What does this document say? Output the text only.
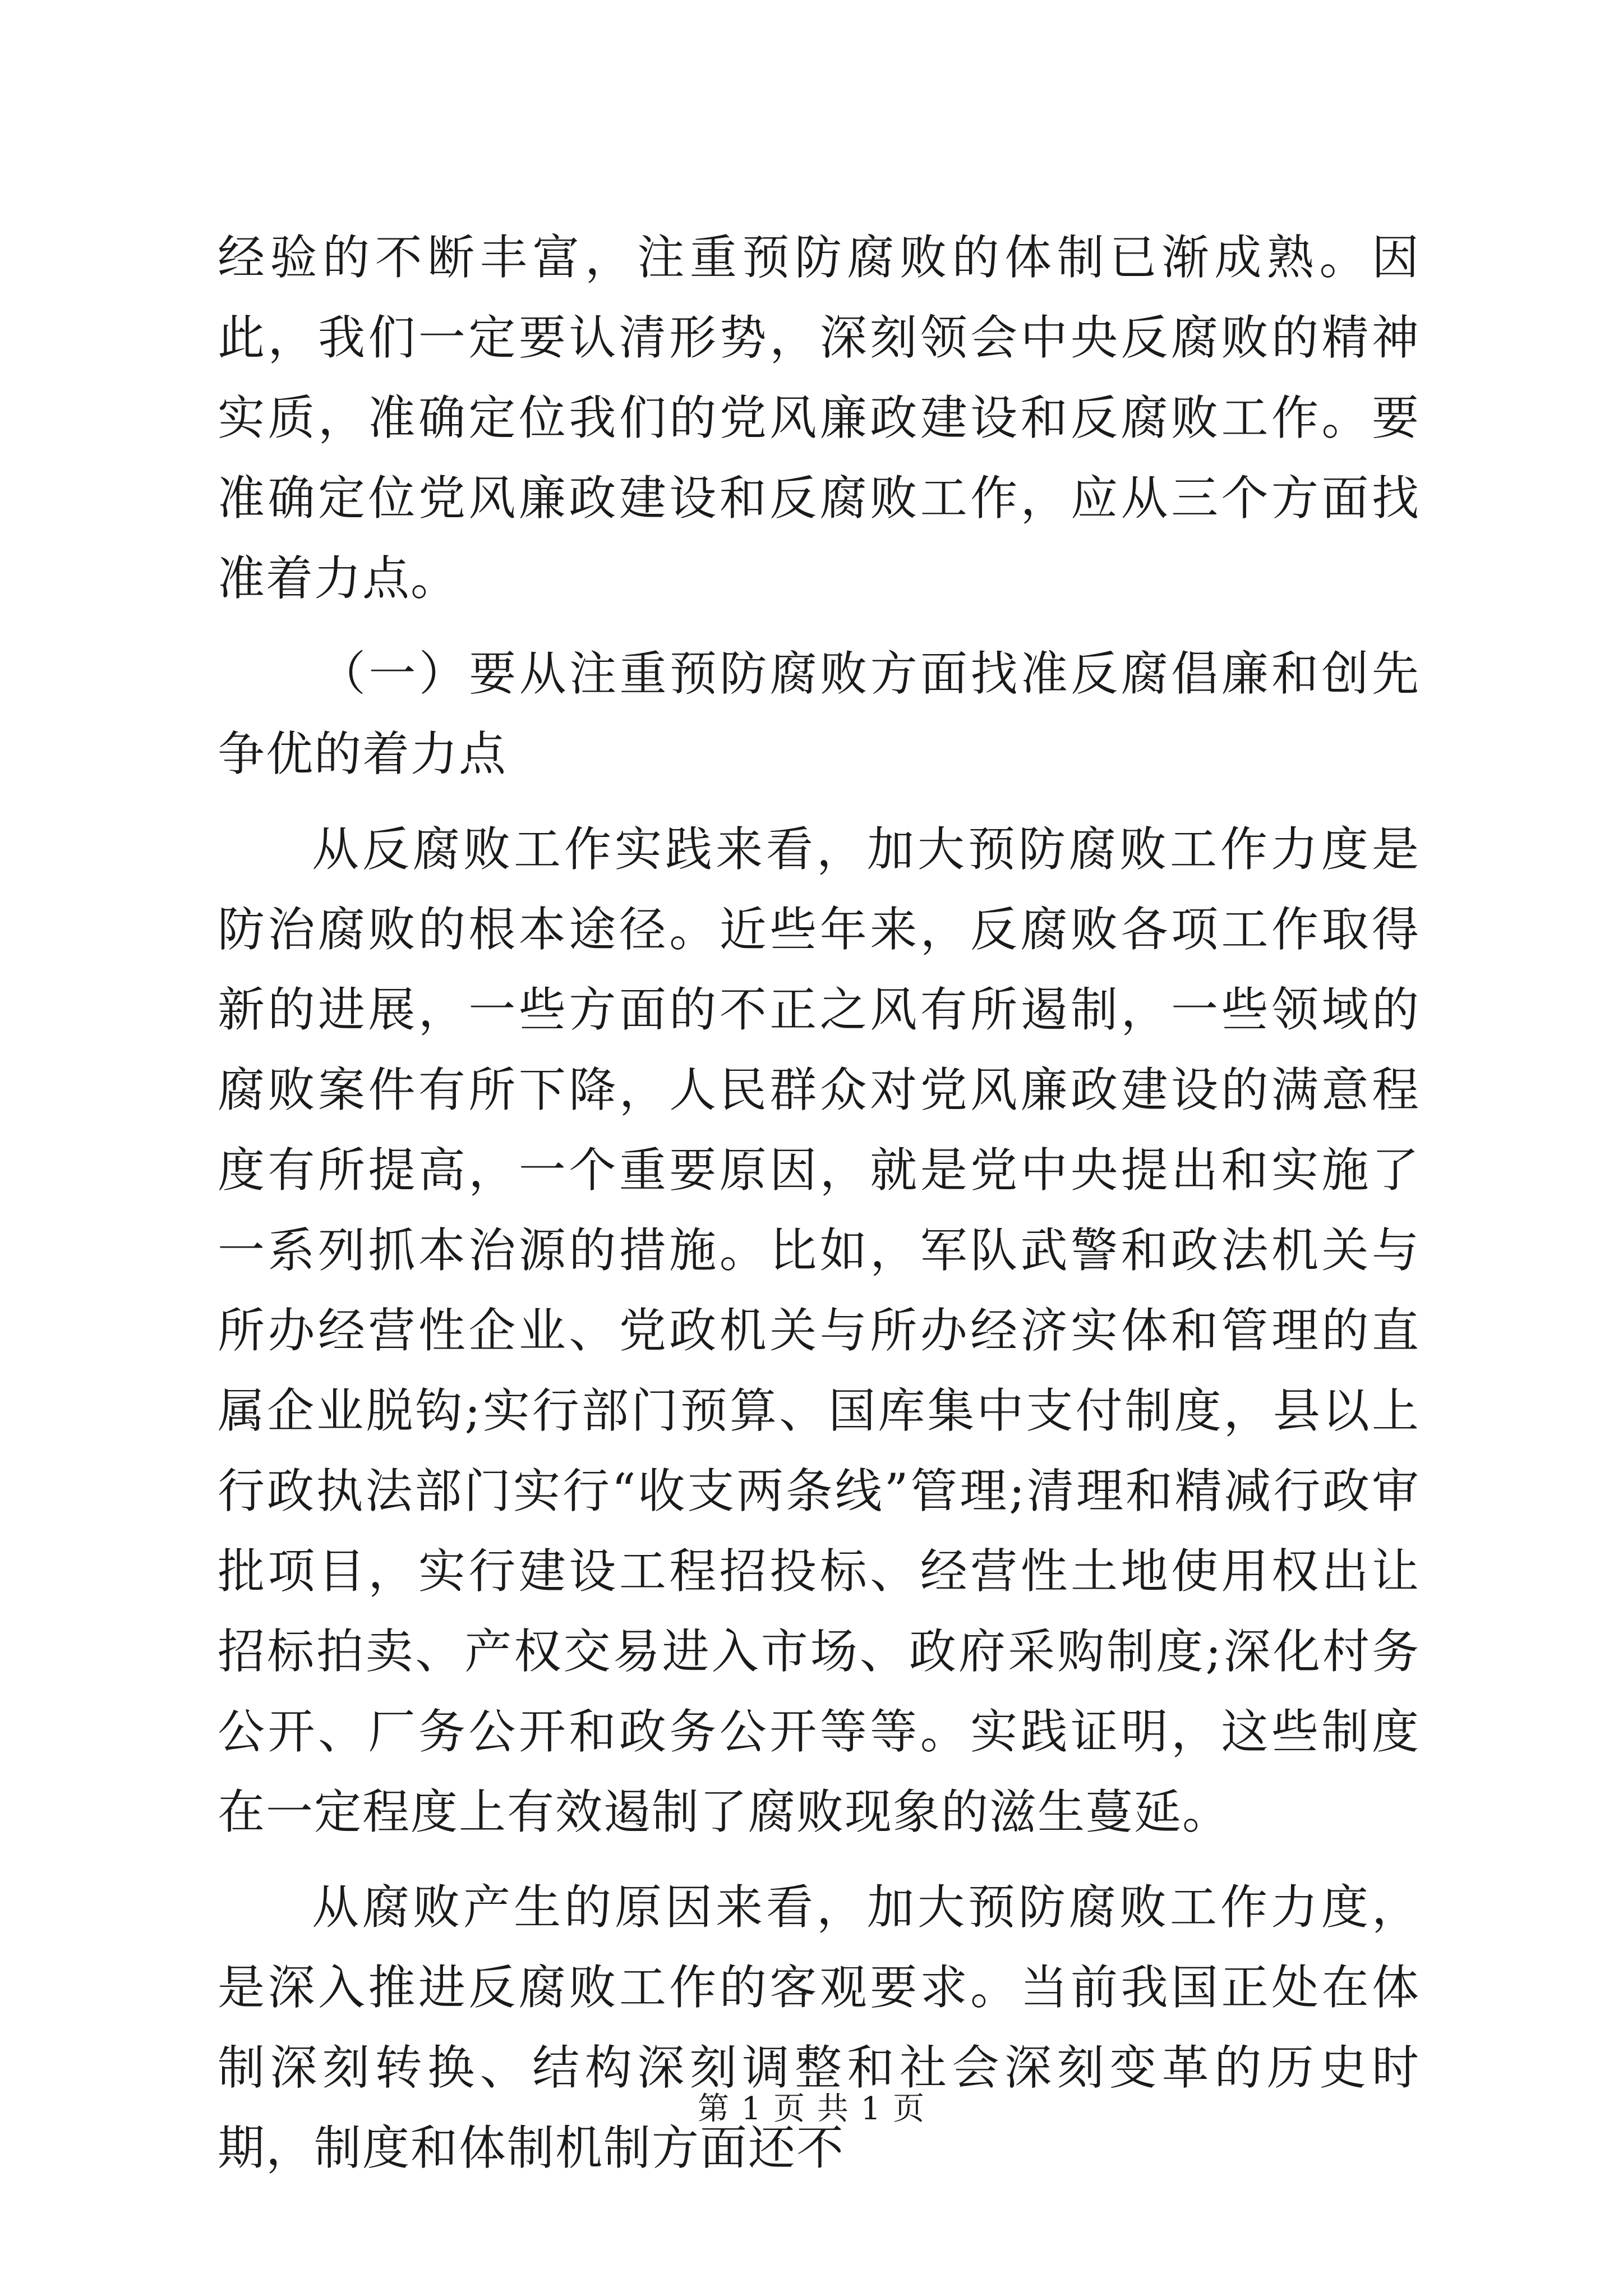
经验的不断丰富，注重预防腐败的体制已渐成熟。因此，我们一定要认清形势，深刻领会中央反腐败的精神实质，准确定位我们的党风廉政建设和反腐败工作。要准确定位党风廉政建设和反腐败工作，应从三个方面找准着力点。

（一）要从注重预防腐败方面找准反腐倡廉和创先争优的着力点

从反腐败工作实践来看，加大预防腐败工作力度是防治腐败的根本途径。近些年来，反腐败各项工作取得新的进展，一些方面的不正之风有所遏制，一些领域的腐败案件有所下降，人民群众对党风廉政建设的满意程度有所提高，一个重要原因，就是党中央提出和实施了一系列抓本治源的措施。比如，军队武警和政法机关与所办经营性企业、党政机关与所办经济实体和管理的直属企业脱钩;实行部门预算、国库集中支付制度，县以上行政执法部门实行“收支两条线”管理;清理和精减行政审批项目，实行建设工程招投标、经营性土地使用权出让招标拍卖、产权交易进入市场、政府采购制度;深化村务公开、厂务公开和政务公开等等。实践证明，这些制度在一定程度上有效遏制了腐败现象的滋生蔓延。

从腐败产生的原因来看，加大预防腐败工作力度，是深入推进反腐败工作的客观要求。当前我国正处在体制深刻转换、结构深刻调整和社会深刻变革的历史时期，制度和体制机制方面还不

第 1 页 共 1 页
